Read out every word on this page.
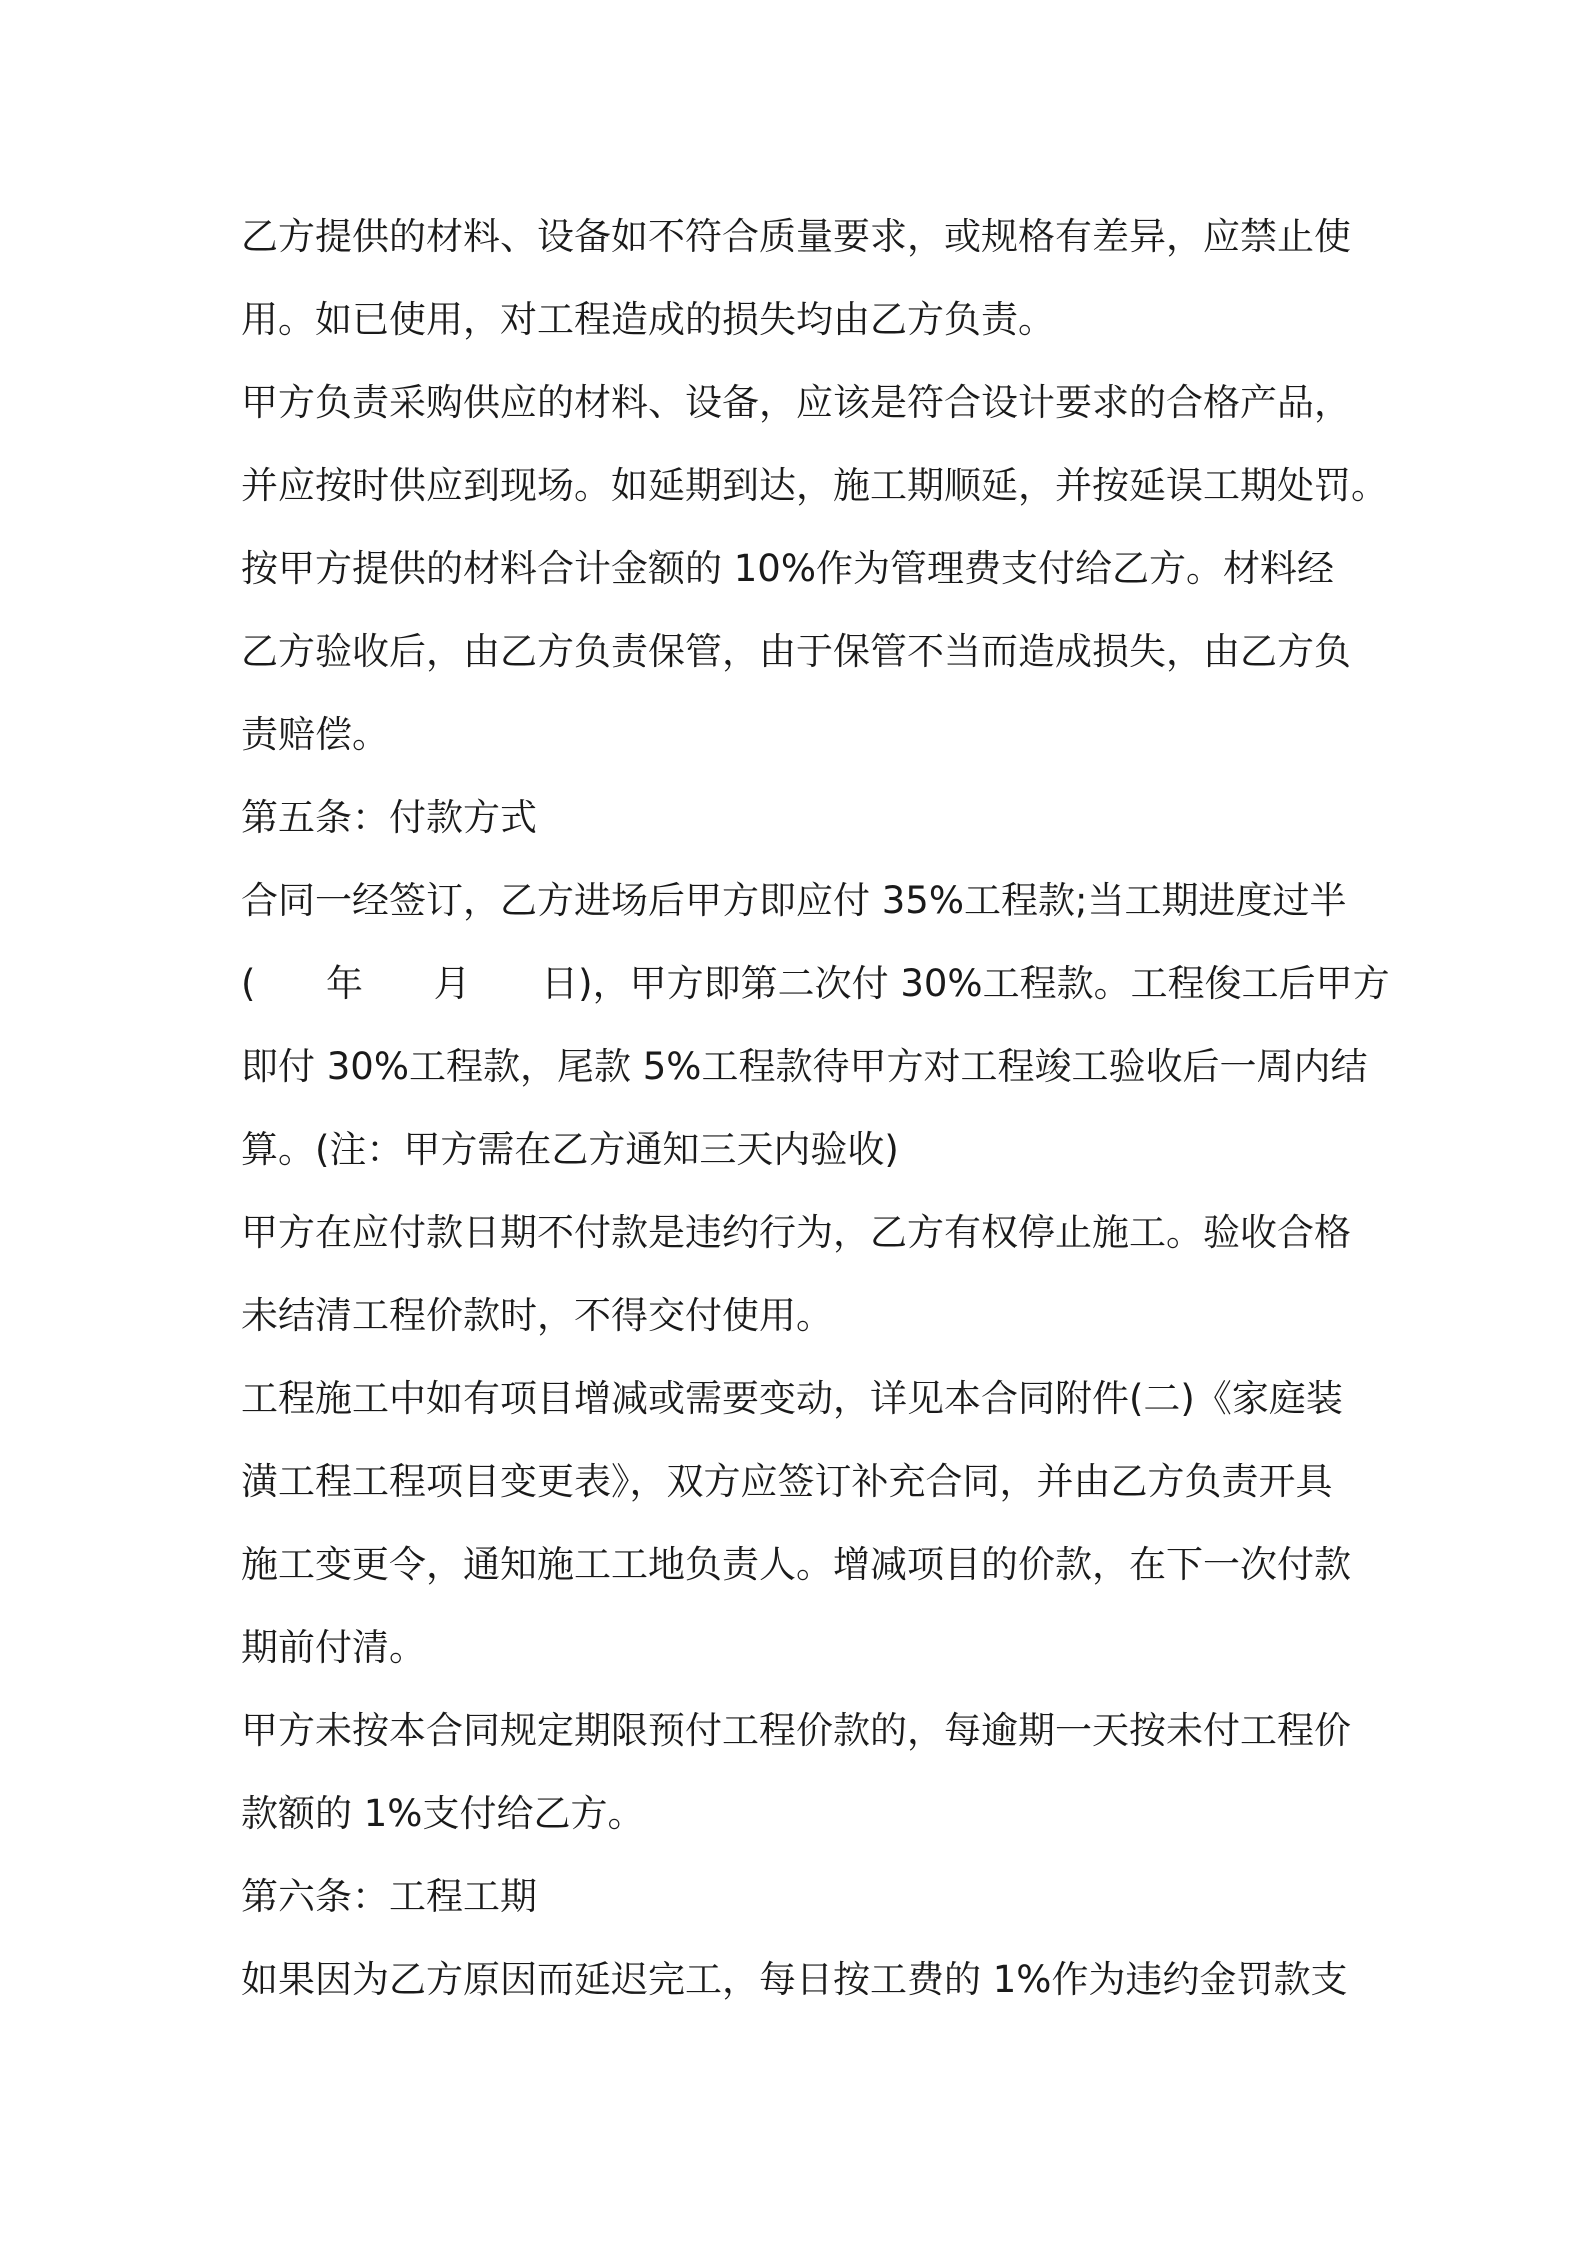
乙方提供的材料、设备如不符合质量要求，或规格有差异，应禁止使
用。如已使用，对工程造成的损失均由乙方负责。
甲方负责采购供应的材料、设备，应该是符合设计要求的合格产品，
并应按时供应到现场。如延期到达，施工期顺延，并按延误工期处罚。
按甲方提供的材料合计金额的 10%作为管理费支付给乙方。材料经
乙方验收后，由乙方负责保管，由于保管不当而造成损失，由乙方负
责赔偿。
第五条：付款方式
合同一经签订，乙方进场后甲方即应付 35%工程款;当工期进度过半
(      年      月      日)，甲方即第二次付 30%工程款。工程俊工后甲方
即付 30%工程款，尾款 5%工程款待甲方对工程竣工验收后一周内结
算。(注：甲方需在乙方通知三天内验收)
甲方在应付款日期不付款是违约行为，乙方有权停止施工。验收合格
未结清工程价款时，不得交付使用。
工程施工中如有项目增减或需要变动，详见本合同附件(二)《家庭装
潢工程工程项目变更表》，双方应签订补充合同，并由乙方负责开具
施工变更令，通知施工工地负责人。增减项目的价款，在下一次付款
期前付清。
甲方未按本合同规定期限预付工程价款的，每逾期一天按未付工程价
款额的 1%支付给乙方。
第六条：工程工期
如果因为乙方原因而延迟完工，每日按工费的 1%作为违约金罚款支
